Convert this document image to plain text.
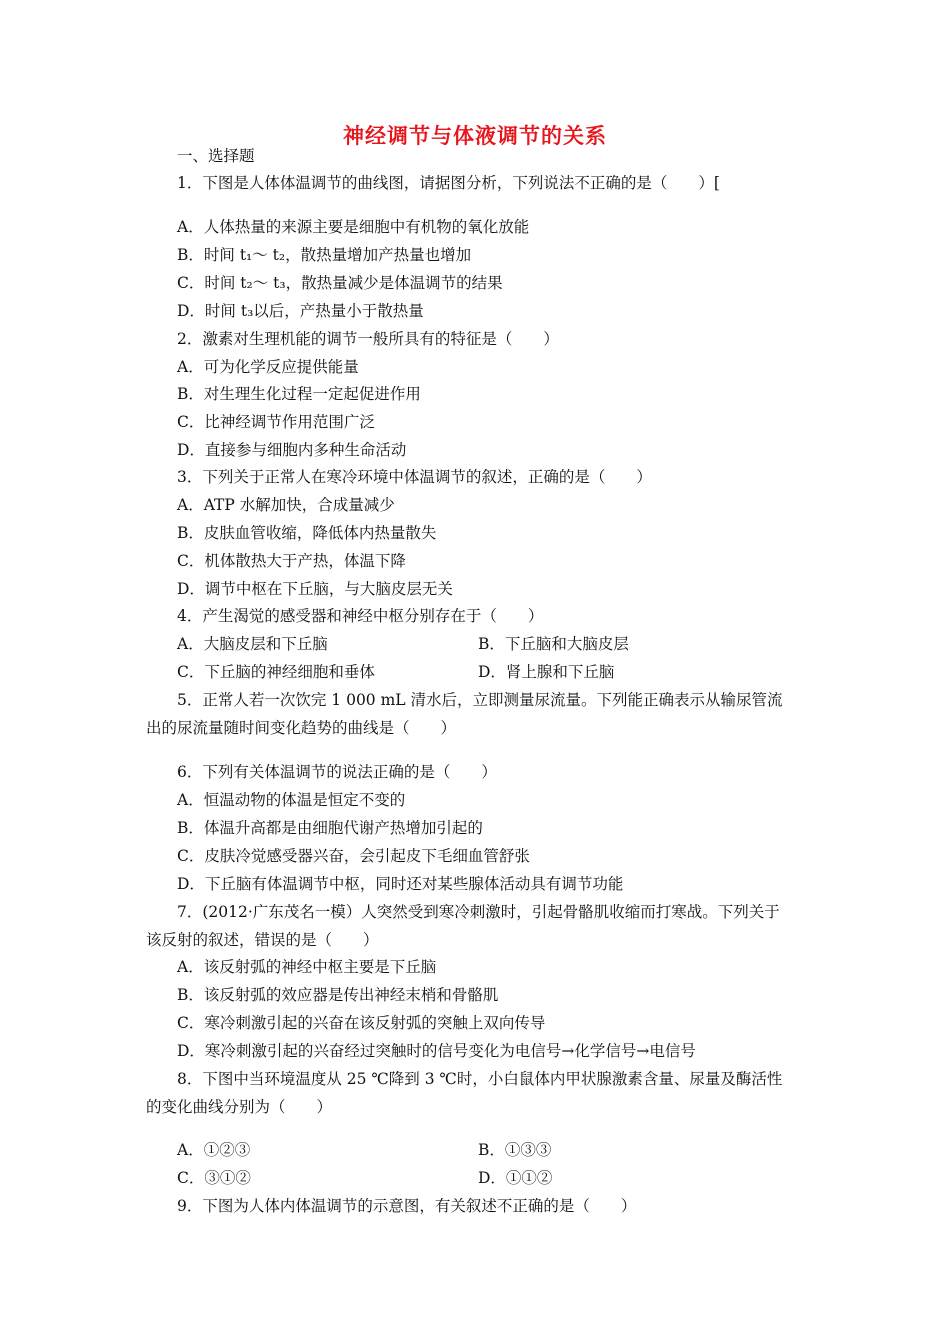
神经调节与体液调节的关系
一、选择题
1．下图是人体体温调节的曲线图，请据图分析，下列说法不正确的是（　　）[
A．人体热量的来源主要是细胞中有机物的氧化放能
B．时间 t₁～ t₂，散热量增加产热量也增加
C．时间 t₂～ t₃，散热量减少是体温调节的结果
D．时间 t₃以后，产热量小于散热量
2．激素对生理机能的调节一般所具有的特征是（　　）
A．可为化学反应提供能量
B．对生理生化过程一定起促进作用
C．比神经调节作用范围广泛
D．直接参与细胞内多种生命活动
3．下列关于正常人在寒冷环境中体温调节的叙述，正确的是（　　）
A．ATP 水解加快，合成量减少
B．皮肤血管收缩，降低体内热量散失
C．机体散热大于产热，体温下降
D．调节中枢在下丘脑，与大脑皮层无关
4．产生渴觉的感受器和神经中枢分别存在于（　　）
A．大脑皮层和下丘脑	B．下丘脑和大脑皮层
C．下丘脑的神经细胞和垂体	D．肾上腺和下丘脑
5．正常人若一次饮完 1 000 mL 清水后，立即测量尿流量。下列能正确表示从输尿管流
出的尿流量随时间变化趋势的曲线是（　　）
6．下列有关体温调节的说法正确的是（　　）
A．恒温动物的体温是恒定不变的
B．体温升高都是由细胞代谢产热增加引起的
C．皮肤冷觉感受器兴奋，会引起皮下毛细血管舒张
D．下丘脑有体温调节中枢，同时还对某些腺体活动具有调节功能
7．(2012·广东茂名一模）人突然受到寒冷刺激时，引起骨骼肌收缩而打寒战。下列关于
该反射的叙述，错误的是（　　）
A．该反射弧的神经中枢主要是下丘脑
B．该反射弧的效应器是传出神经末梢和骨骼肌
C．寒冷刺激引起的兴奋在该反射弧的突触上双向传导
D．寒冷刺激引起的兴奋经过突触时的信号变化为电信号→化学信号→电信号
8．下图中当环境温度从 25 ℃降到 3 ℃时，小白鼠体内甲状腺激素含量、尿量及酶活性
的变化曲线分别为（　　）
A．①②③	B．①③③
C．③①②	D．①①②
9．下图为人体内体温调节的示意图，有关叙述不正确的是（　　）
